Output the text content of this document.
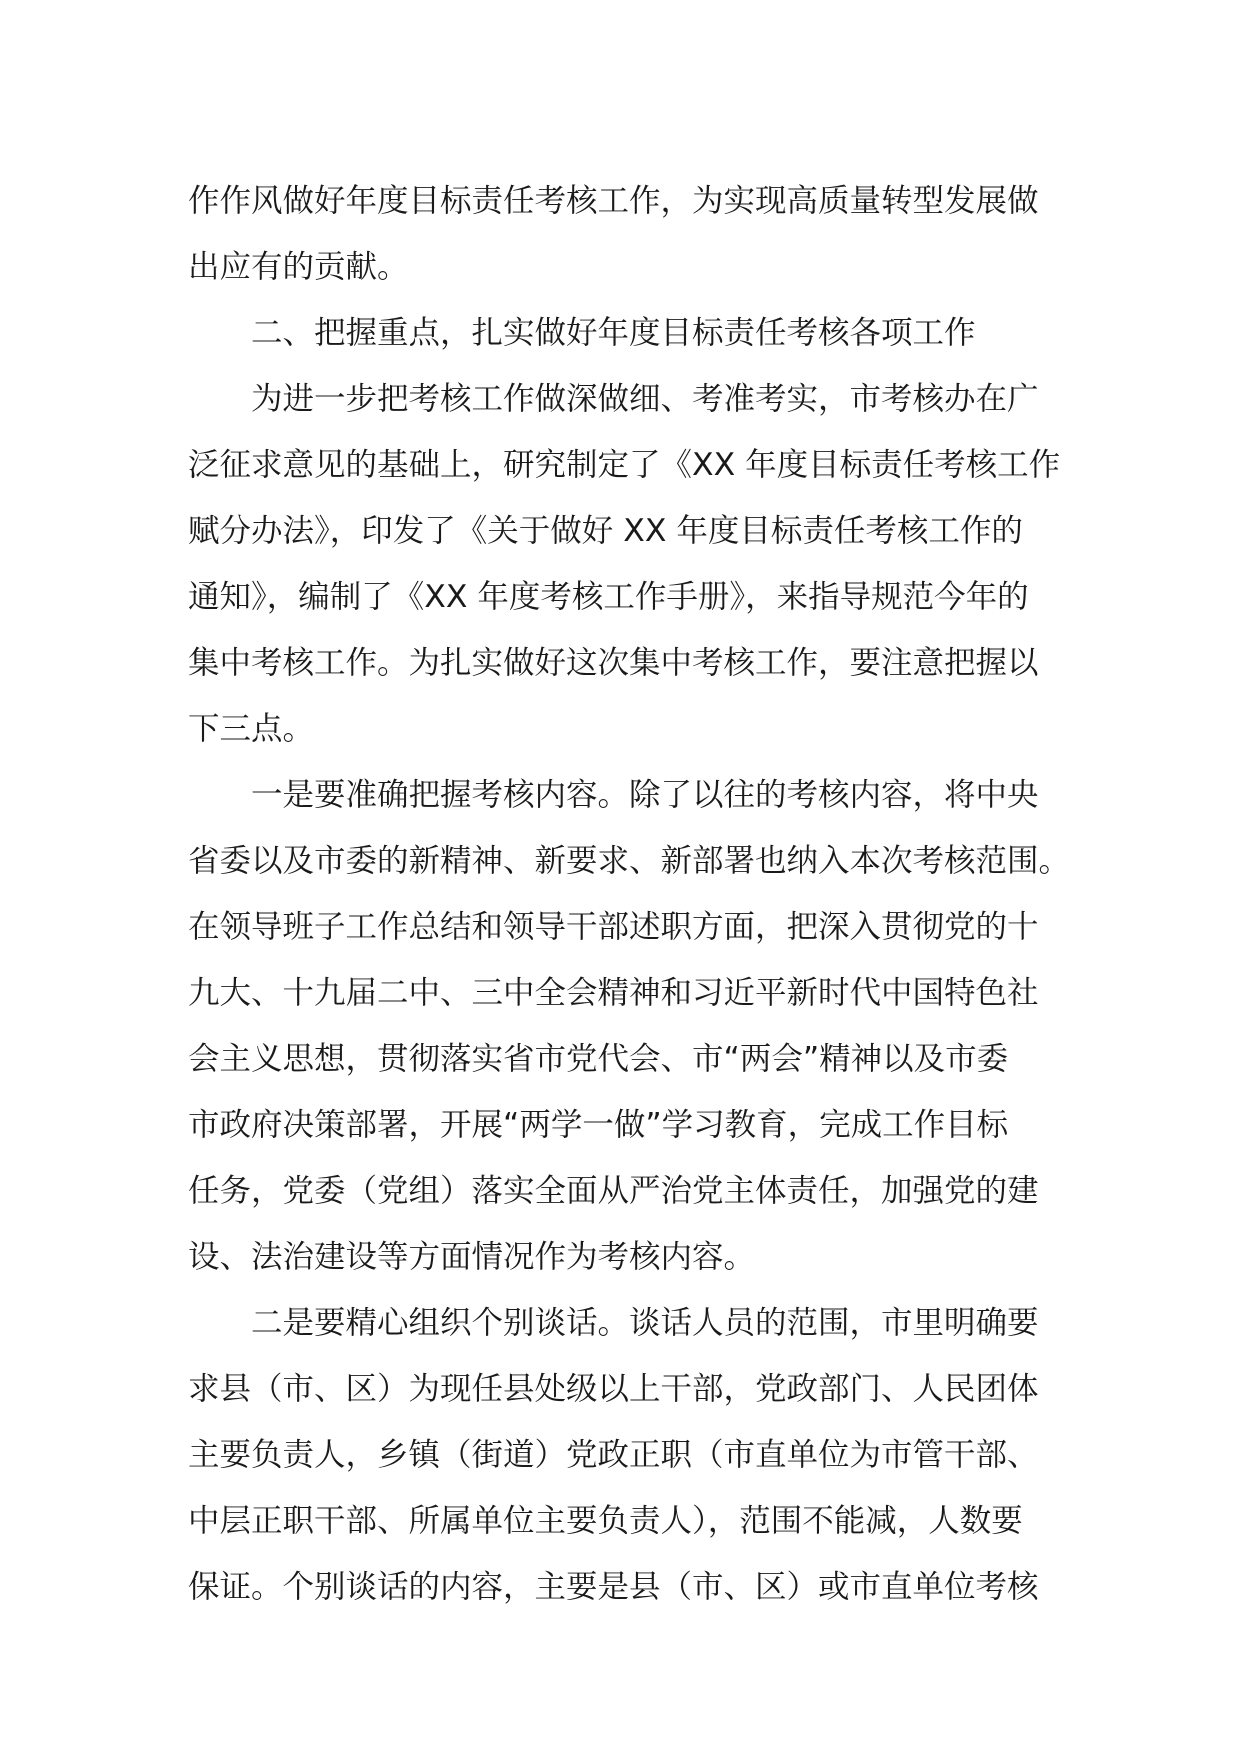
作作风做好年度目标责任考核工作，为实现高质量转型发展做
出应有的贡献。
二、把握重点，扎实做好年度目标责任考核各项工作
为进一步把考核工作做深做细、考准考实，市考核办在广
泛征求意见的基础上，研究制定了《XX 年度目标责任考核工作
赋分办法》，印发了《关于做好 XX 年度目标责任考核工作的
通知》，编制了《XX 年度考核工作手册》，来指导规范今年的
集中考核工作。为扎实做好这次集中考核工作，要注意把握以
下三点。
一是要准确把握考核内容。除了以往的考核内容，将中央
省委以及市委的新精神、新要求、新部署也纳入本次考核范围。
在领导班子工作总结和领导干部述职方面，把深入贯彻党的十
九大、十九届二中、三中全会精神和习近平新时代中国特色社
会主义思想，贯彻落实省市党代会、市“两会”精神以及市委
市政府决策部署，开展“两学一做”学习教育，完成工作目标
任务，党委（党组）落实全面从严治党主体责任，加强党的建
设、法治建设等方面情况作为考核内容。
二是要精心组织个别谈话。谈话人员的范围，市里明确要
求县（市、区）为现任县处级以上干部，党政部门、人民团体
主要负责人，乡镇（街道）党政正职（市直单位为市管干部、
中层正职干部、所属单位主要负责人），范围不能减，人数要
保证。个别谈话的内容，主要是县（市、区）或市直单位考核
